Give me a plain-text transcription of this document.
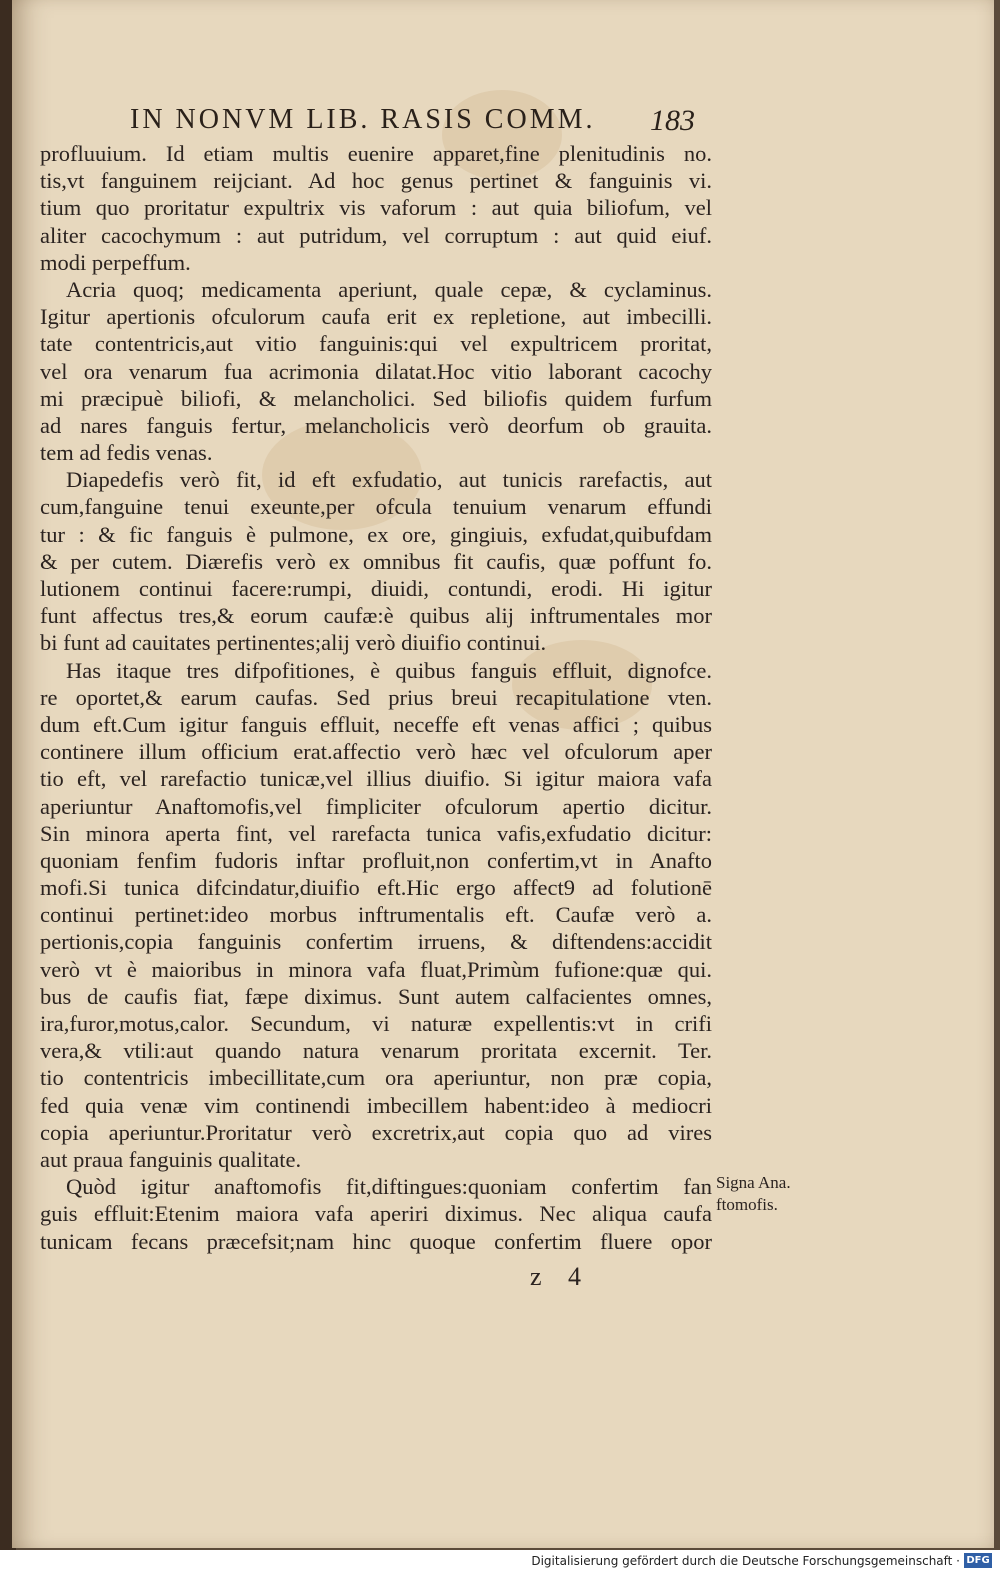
IN NONVM LIB. RASIS COMM.	183
profluuium. Id etiam multis euenire apparet,fine plenitudinis no.
tis,vt fanguinem reijciant. Ad hoc genus pertinet & fanguinis vi.
tium quo proritatur expultrix vis vaforum : aut quia biliofum, vel
aliter cacochymum : aut putridum, vel corruptum : aut quid eiuf.
modi perpeffum.
Acria quoq; medicamenta aperiunt, quale cepæ, & cyclaminus.
Igitur apertionis ofculorum caufa erit ex repletione, aut imbecilli.
tate contentricis,aut vitio fanguinis:qui vel expultricem proritat,
vel ora venarum fua acrimonia dilatat.Hoc vitio laborant cacochy
mi præcipuè biliofi, & melancholici. Sed biliofis quidem furfum
ad nares fanguis fertur, melancholicis verò deorfum ob grauita.
tem ad fedis venas.
Diapedefis verò fit, id eft exfudatio, aut tunicis rarefactis, aut
cum,fanguine tenui exeunte,per ofcula tenuium venarum effundi
tur : & fic fanguis è pulmone, ex ore, gingiuis, exfudat,quibufdam
& per cutem. Diærefis verò ex omnibus fit caufis, quæ poffunt fo.
lutionem continui facere:rumpi, diuidi, contundi, erodi. Hi igitur
funt affectus tres,& eorum caufæ:è quibus alij inftrumentales mor
bi funt ad cauitates pertinentes;alij verò diuifio continui.
Has itaque tres difpofitiones, è quibus fanguis effluit, dignofce.
re oportet,& earum caufas. Sed prius breui recapitulatione vten.
dum eft.Cum igitur fanguis effluit, neceffe eft venas affici ; quibus
continere illum officium erat.affectio verò hæc vel ofculorum aper
tio eft, vel rarefactio tunicæ,vel illius diuifio. Si igitur maiora vafa
aperiuntur Anaftomofis,vel fimpliciter ofculorum apertio dicitur.
Sin minora aperta fint, vel rarefacta tunica vafis,exfudatio dicitur:
quoniam fenfim fudoris inftar profluit,non confertim,vt in Anafto
mofi.Si tunica difcindatur,diuifio eft.Hic ergo affect9 ad folutionē
continui pertinet:ideo morbus inftrumentalis eft. Caufæ verò a.
pertionis,copia fanguinis confertim irruens, & diftendens:accidit
verò vt è maioribus in minora vafa fluat,Primùm fufione:quæ qui.
bus de caufis fiat, fæpe diximus. Sunt autem calfacientes omnes,
ira,furor,motus,calor. Secundum, vi naturæ expellentis:vt in crifi
vera,& vtili:aut quando natura venarum proritata excernit. Ter.
tio contentricis imbecillitate,cum ora aperiuntur, non præ copia,
fed quia venæ vim continendi imbecillem habent:ideo à mediocri
copia aperiuntur.Proritatur verò excretrix,aut copia quo ad vires
aut praua fanguinis qualitate.
Quòd igitur anaftomofis fit,diftingues:quoniam confertim fan
guis effluit:Etenim maiora vafa aperiri diximus. Nec aliqua caufa
tunicam fecans præcefsit;nam hinc quoque confertim fluere opor
Signa Ana.
ftomofis.
z 4
Digitalisierung gefördert durch die Deutsche Forschungsgemeinschaft · DFG
